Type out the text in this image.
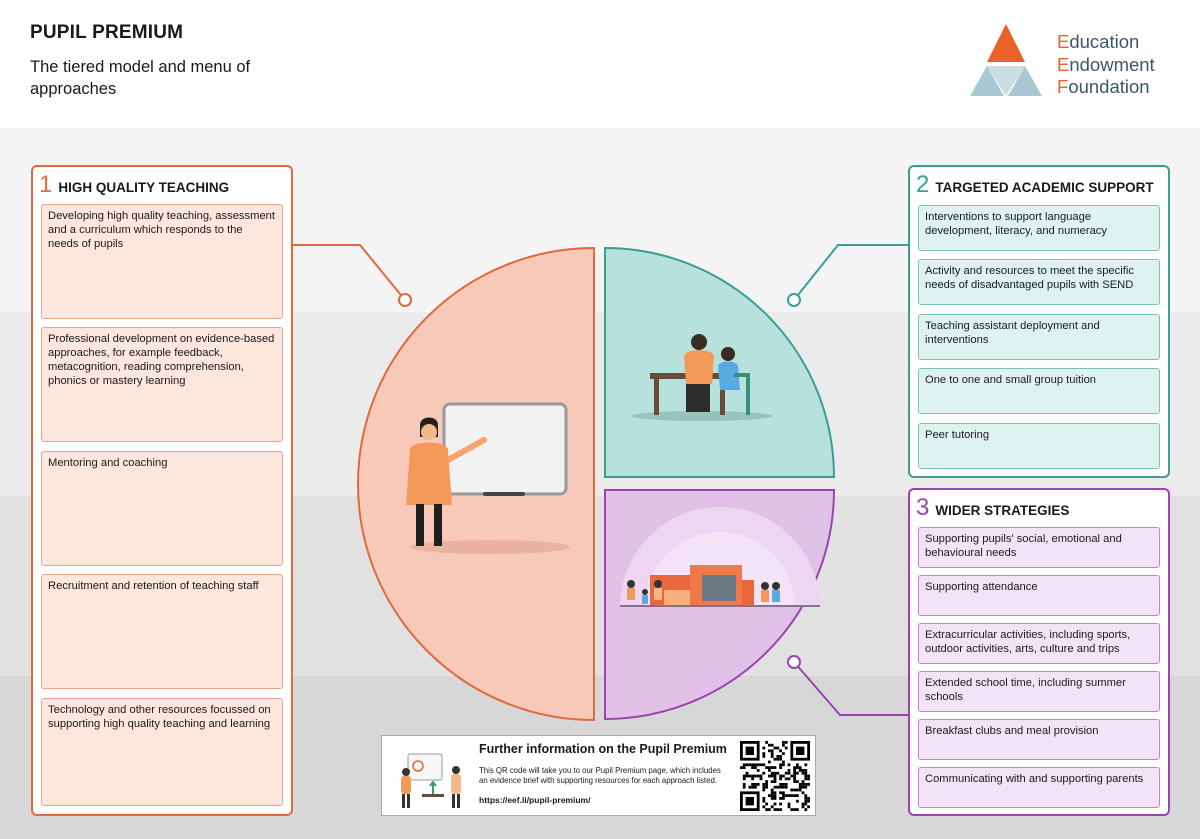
PUPIL PREMIUM
The tiered model and menu of approaches
Education
Endowment
Foundation
1 HIGH QUALITY TEACHING
Developing high quality teaching, assessment and a curriculum which responds to the needs of pupils
Professional development on evidence-based approaches, for example feedback, metacognition, reading comprehension, phonics or mastery learning
Mentoring and coaching
Recruitment and retention of teaching staff
Technology and other resources focussed on supporting high quality teaching and learning
2 TARGETED ACADEMIC SUPPORT
Interventions to support language development, literacy, and numeracy
Activity and resources to meet the specific needs of disadvantaged pupils with SEND
Teaching assistant deployment and interventions
One to one and small group tuition
Peer tutoring
3 WIDER STRATEGIES
Supporting pupils' social, emotional and behavioural needs
Supporting attendance
Extracurricular activities, including sports, outdoor activities, arts, culture and trips
Extended school time, including summer schools
Breakfast clubs and meal provision
Communicating with and supporting parents
Further information on the Pupil Premium
This QR code will take you to our Pupil Premium page, which includes an evidence brief with supporting resources for each approach listed.
https://eef.li/pupil-premium/
